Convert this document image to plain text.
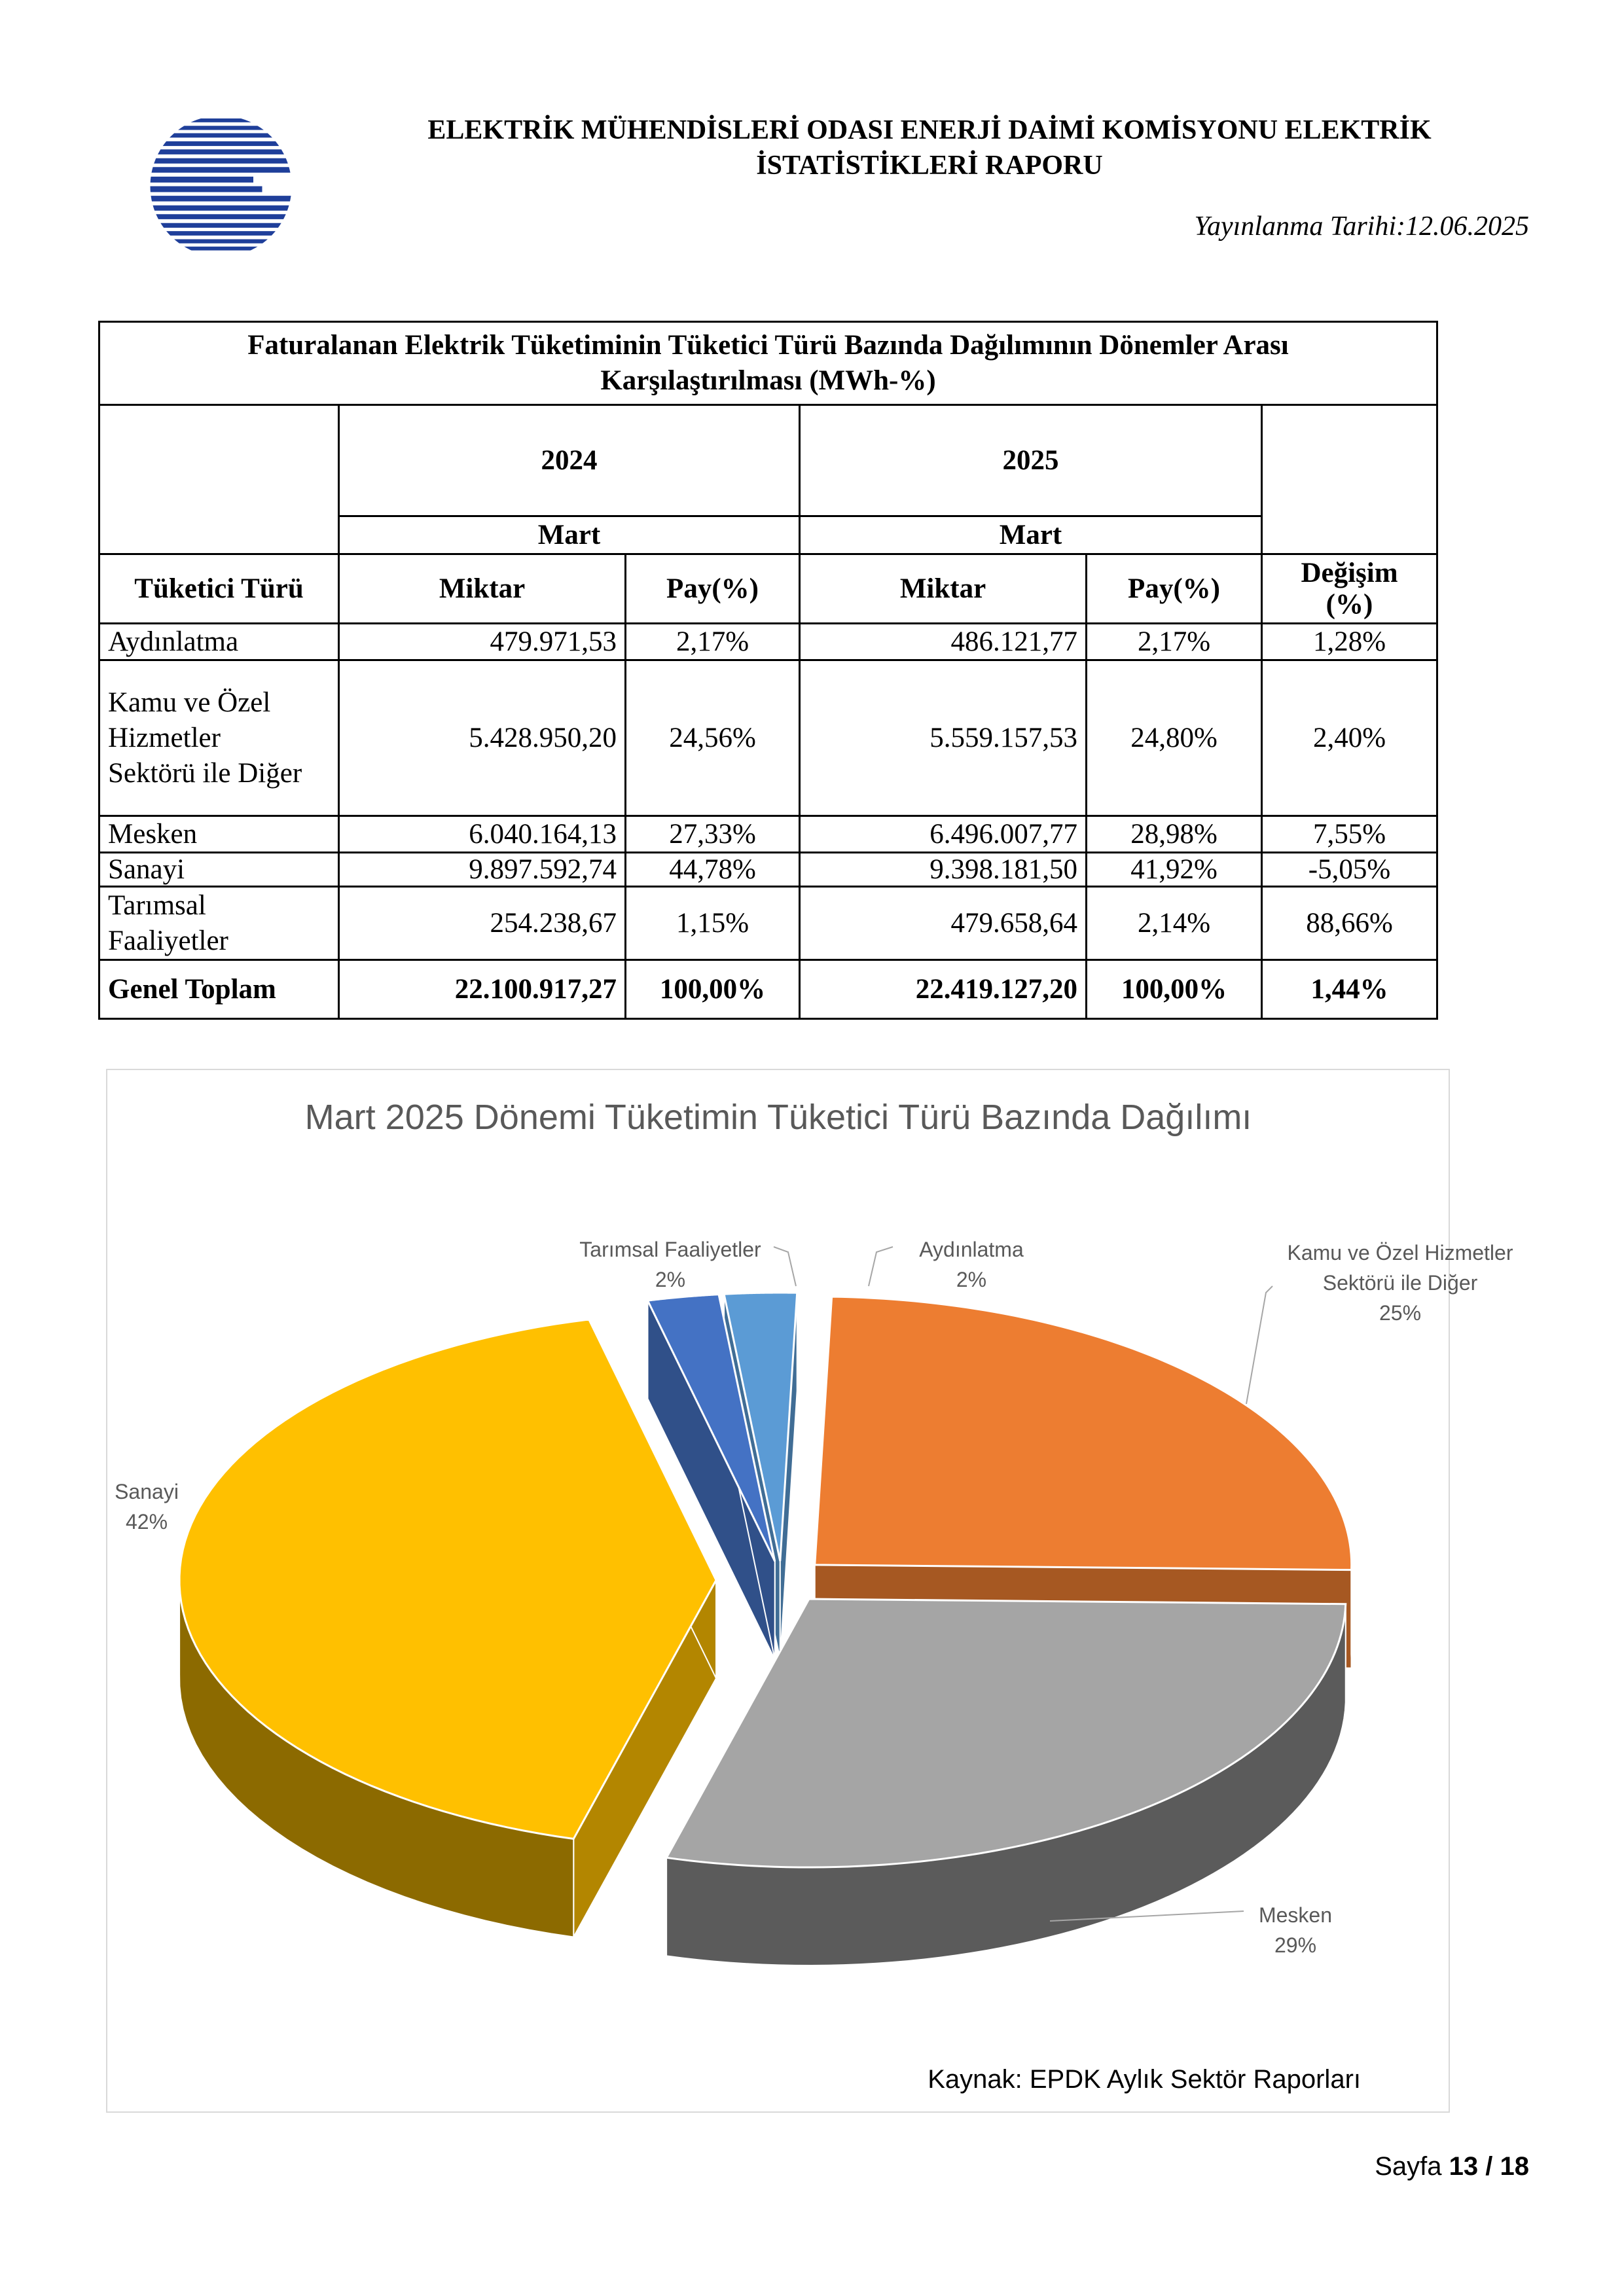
ELEKTRİK MÜHENDİSLERİ ODASI ENERJİ DAİMİ KOMİSYONU ELEKTRİK
İSTATİSTİKLERİ RAPORU
Yayınlanma Tarihi:12.06.2025
Faturalanan Elektrik Tüketiminin Tüketici Türü Bazında Dağılımının Dönemler Arası
Karşılaştırılması (MWh-%)					

	2024		2025		
	Mart		Mart		
Tüketici Türü	Miktar	Pay(%)	Miktar	Pay(%)	Değişim
(%)

Aydınlatma	479.971,53	2,17%	486.121,77	2,17%	1,28%

Kamu ve Özel
Hizmetler
Sektörü ile Diğer	5.428.950,20	24,56%	5.559.157,53	24,80%	2,40%
Mesken	6.040.164,13	27,33%	6.496.007,77	28,98%	7,55%
Sanayi	9.897.592,74	44,78%	9.398.181,50	41,92%	-5,05%

Tarımsal
Faaliyetler	254.238,67	1,15%	479.658,64	2,14%	88,66%
Genel Toplam	22.100.917,27	100,00%	22.419.127,20	100,00%	1,44%
Aydınlatma 2%
Kamu ve Özel Hizmetler Sektörü ile Diğer 25%
Mesken 29%
Sanayi 42%
Tarımsal Faaliyetler 2%
Mart 2025 Dönemi Tüketimin Tüketici Türü Bazında Dağılımı
Kaynak: EPDK Aylık Sektör Raporları
Sayfa 13 / 18
